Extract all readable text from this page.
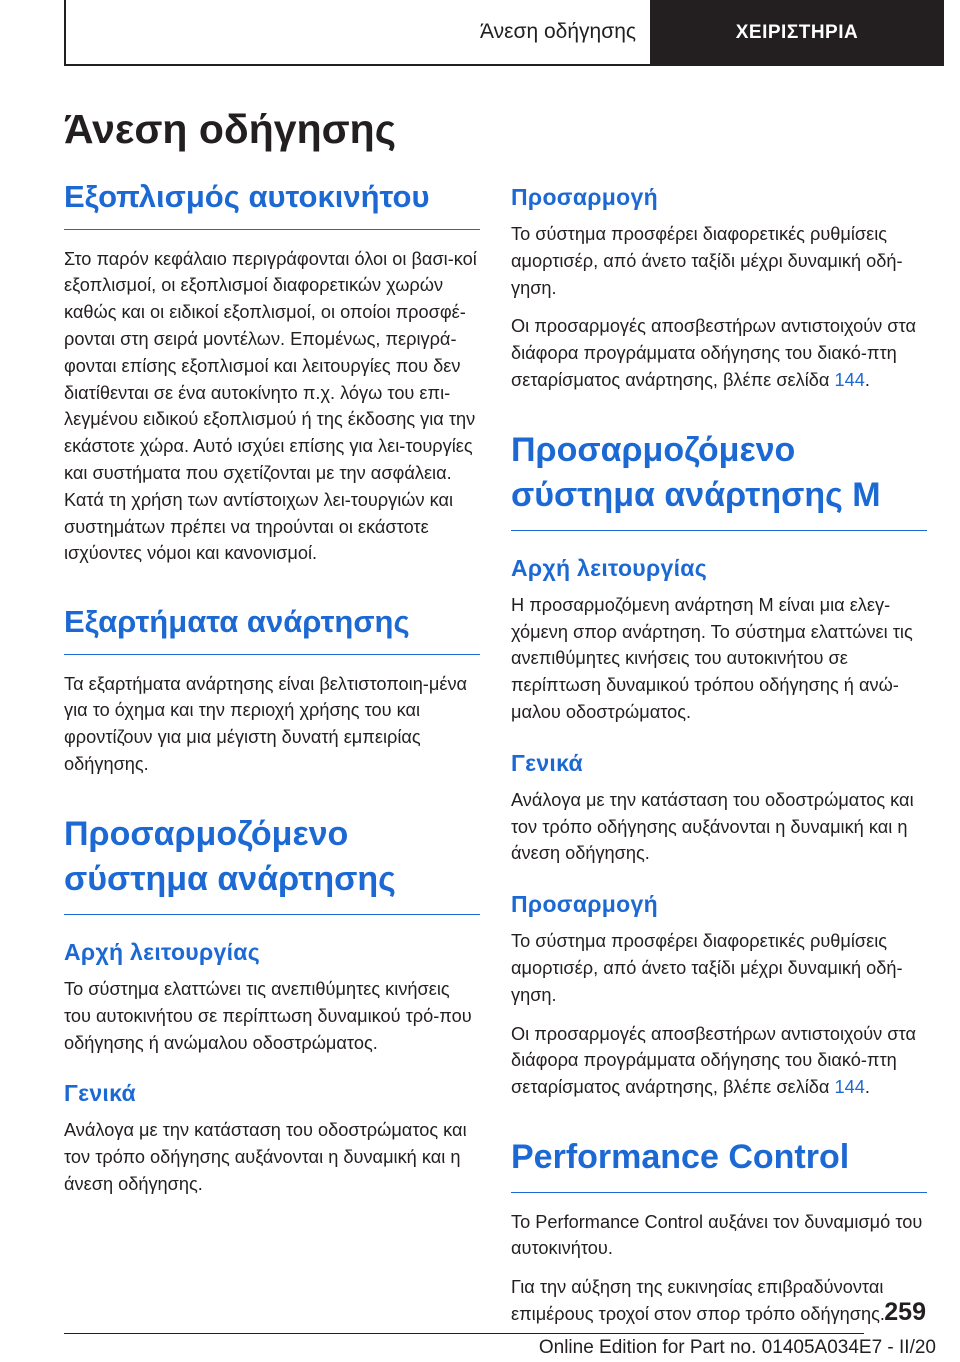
Άνεση οδήγησης	ΧΕΙΡΙΣΤΗΡΙΑ
Άνεση οδήγησης
Εξοπλισμός αυτοκινήτου

Στο παρόν κεφάλαιο περιγράφονται όλοι οι βασι-κοί εξοπλισμοί, οι εξοπλισμοί διαφορετικών χωρών καθώς και οι ειδικοί εξοπλισμοί, οι οποίοι προσφέ-ρονται στη σειρά μοντέλων. Επομένως, περιγρά-φονται επίσης εξοπλισμοί και λειτουργίες που δεν διατίθενται σε ένα αυτοκίνητο π.χ. λόγω του επι-λεγμένου ειδικού εξοπλισμού ή της έκδοσης για την εκάστοτε χώρα. Αυτό ισχύει επίσης για λει-τουργίες και συστήματα που σχετίζονται με την ασφάλεια. Κατά τη χρήση των αντίστοιχων λει-τουργιών και συστημάτων πρέπει να τηρούνται οι εκάστοτε ισχύοντες νόμοι και κανονισμοί.

Εξαρτήματα ανάρτησης

Τα εξαρτήματα ανάρτησης είναι βελτιστοποιη-μένα για το όχημα και την περιοχή χρήσης του και φροντίζουν για μια μέγιστη δυνατή εμπειρίας οδήγησης.

Προσαρμοζόμενο σύστημα ανάρτησης
Αρχή λειτουργίας

Το σύστημα ελαττώνει τις ανεπιθύμητες κινήσεις του αυτοκινήτου σε περίπτωση δυναμικού τρό-που οδήγησης ή ανώμαλου οδοστρώματος.

Γενικά

Ανάλογα με την κατάσταση του οδοστρώματος και τον τρόπο οδήγησης αυξάνονται η δυναμική και η άνεση οδήγησης.

Προσαρμογή

Το σύστημα προσφέρει διαφορετικές ρυθμίσεις αμορτισέρ, από άνετο ταξίδι μέχρι δυναμική οδή-γηση.

Οι προσαρμογές αποσβεστήρων αντιστοιχούν στα διάφορα προγράμματα οδήγησης του διακό-πτη σεταρίσματος ανάρτησης, βλέπε σελίδα 144.

Προσαρμοζόμενο σύστημα ανάρτησης M
Αρχή λειτουργίας

Η προσαρμοζόμενη ανάρτηση M είναι μια ελεγ-χόμενη σπορ ανάρτηση. Το σύστημα ελαττώνει τις ανεπιθύμητες κινήσεις του αυτοκινήτου σε περίπτωση δυναμικού τρόπου οδήγησης ή ανώ-μαλου οδοστρώματος.

Γενικά

Ανάλογα με την κατάσταση του οδοστρώματος και τον τρόπο οδήγησης αυξάνονται η δυναμική και η άνεση οδήγησης.

Προσαρμογή

Το σύστημα προσφέρει διαφορετικές ρυθμίσεις αμορτισέρ, από άνετο ταξίδι μέχρι δυναμική οδή-γηση.

Οι προσαρμογές αποσβεστήρων αντιστοιχούν στα διάφορα προγράμματα οδήγησης του διακό-πτη σεταρίσματος ανάρτησης, βλέπε σελίδα 144.

Performance Control

Το Performance Control αυξάνει τον δυναμισμό του αυτοκινήτου.

Για την αύξηση της ευκινησίας επιβραδύνονται επιμέρους τροχοί στον σπορ τρόπο οδήγησης. 259
Online Edition for Part no. 01405A034E7 - II/20
